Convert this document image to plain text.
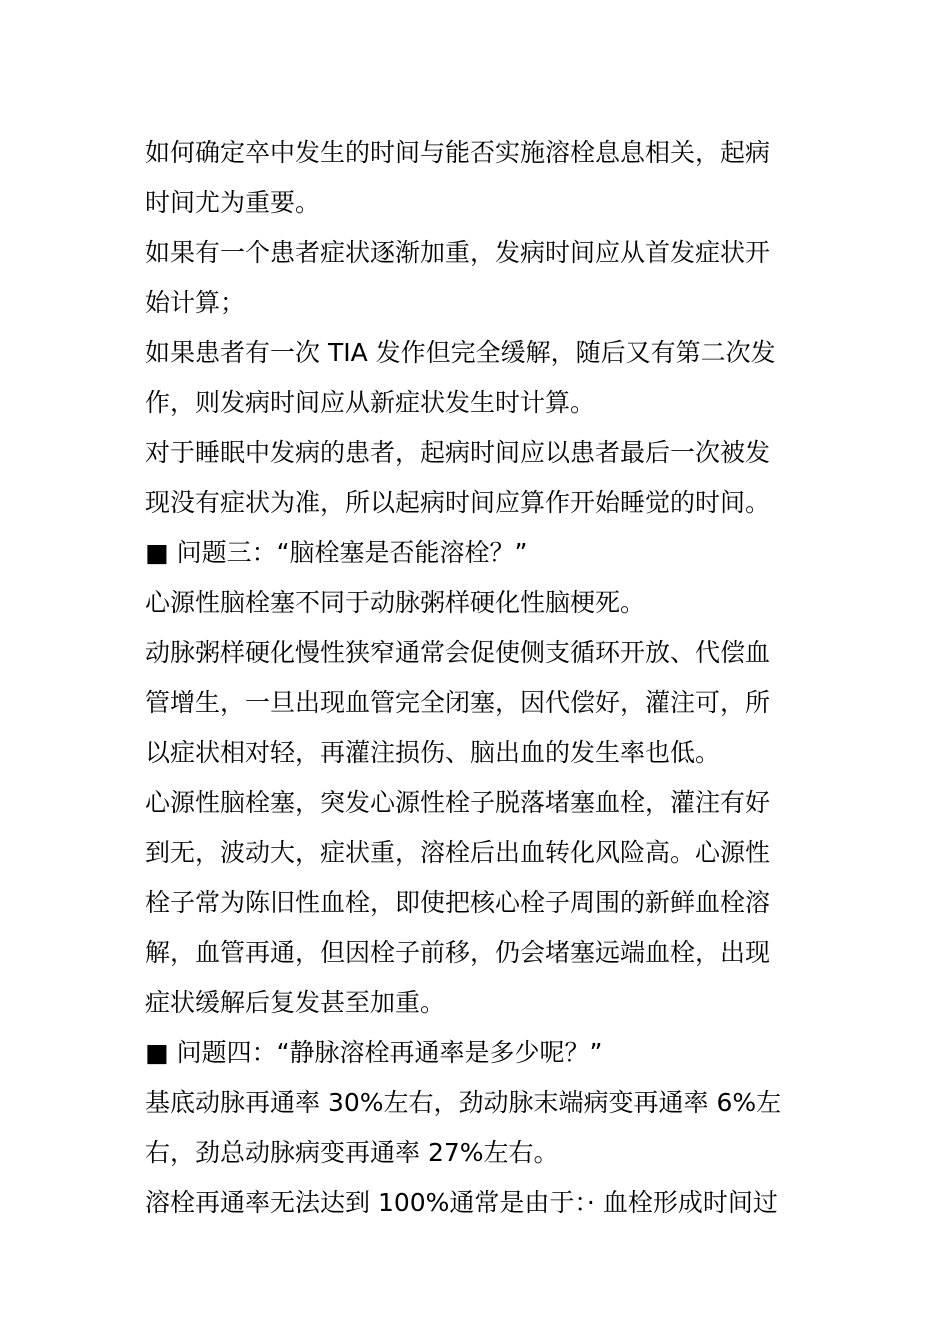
如何确定卒中发生的时间与能否实施溶栓息息相关，起病
时间尤为重要。

如果有一个患者症状逐渐加重，发病时间应从首发症状开
始计算；

如果患者有一次 TIA 发作但完全缓解，随后又有第二次发
作，则发病时间应从新症状发生时计算。

对于睡眠中发病的患者，起病时间应以患者最后一次被发
现没有症状为准，所以起病时间应算作开始睡觉的时间。

■ 问题三：“脑栓塞是否能溶栓？”

心源性脑栓塞不同于动脉粥样硬化性脑梗死。

动脉粥样硬化慢性狭窄通常会促使侧支循环开放、代偿血
管增生，一旦出现血管完全闭塞，因代偿好，灌注可，所
以症状相对轻，再灌注损伤、脑出血的发生率也低。

心源性脑栓塞，突发心源性栓子脱落堵塞血栓，灌注有好
到无，波动大，症状重，溶栓后出血转化风险高。心源性
栓子常为陈旧性血栓，即使把核心栓子周围的新鲜血栓溶
解，血管再通，但因栓子前移，仍会堵塞远端血栓，出现
症状缓解后复发甚至加重。

■ 问题四：“静脉溶栓再通率是多少呢？”

基底动脉再通率 30%左右，劲动脉末端病变再通率 6%左
右，劲总动脉病变再通率 27%左右。

溶栓再通率无法达到 100%通常是由于：· 血栓形成时间过
